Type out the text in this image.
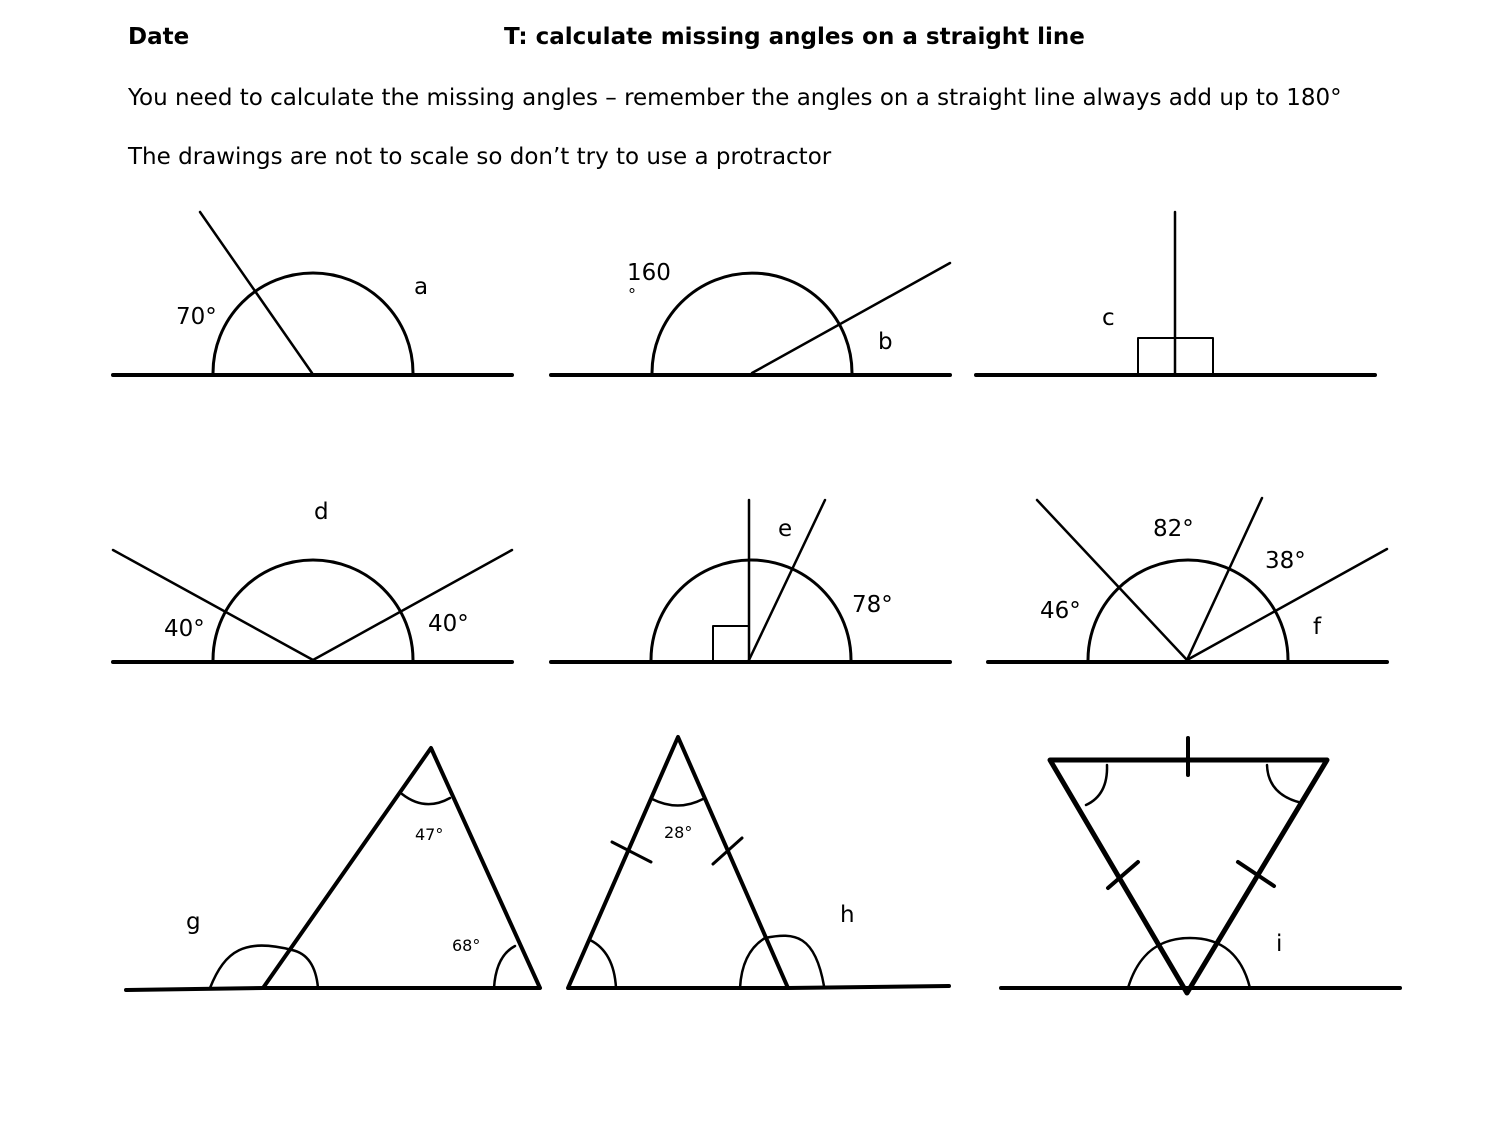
Date	T: calculate missing angles on a straight line
You need to calculate the missing angles – remember the angles on a straight line always add up to 180°
The drawings are not to scale so don’t try to use a protractor
70°
a
160
°
b
c
40°	40°
d
e
78°	46°
82°
38°
f
47°
68°
g
28°
h
i
